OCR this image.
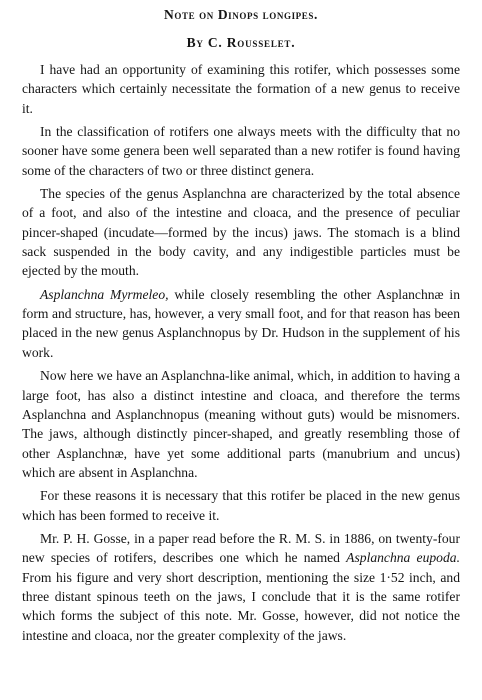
Note on Dinops longipes.
By C. Rousselet.

I have had an opportunity of examining this rotifer, which possesses some characters which certainly necessitate the formation of a new genus to receive it.

In the classification of rotifers one always meets with the difficulty that no sooner have some genera been well separated than a new rotifer is found having some of the characters of two or three distinct genera.

The species of the genus Asplanchna are characterized by the total absence of a foot, and also of the intestine and cloaca, and the presence of peculiar pincer-shaped (incudate—formed by the incus) jaws. The stomach is a blind sack suspended in the body cavity, and any indigestible particles must be ejected by the mouth.

Asplanchna Myrmeleo, while closely resembling the other Asplanchnæ in form and structure, has, however, a very small foot, and for that reason has been placed in the new genus Asplanchnopus by Dr. Hudson in the supplement of his work.

Now here we have an Asplanchna-like animal, which, in addition to having a large foot, has also a distinct intestine and cloaca, and therefore the terms Asplanchna and Asplanchnopus (meaning without guts) would be misnomers. The jaws, although distinctly pincer-shaped, and greatly resembling those of other Asplanchnæ, have yet some additional parts (manubrium and uncus) which are absent in Asplanchna.

For these reasons it is necessary that this rotifer be placed in the new genus which has been formed to receive it.

Mr. P. H. Gosse, in a paper read before the R. M. S. in 1886, on twenty-four new species of rotifers, describes one which he named Asplanchna eupoda. From his figure and very short description, mentioning the size 1·52 inch, and three distant spinous teeth on the jaws, I conclude that it is the same rotifer which forms the subject of this note. Mr. Gosse, however, did not notice the intestine and cloaca, nor the greater complexity of the jaws.
